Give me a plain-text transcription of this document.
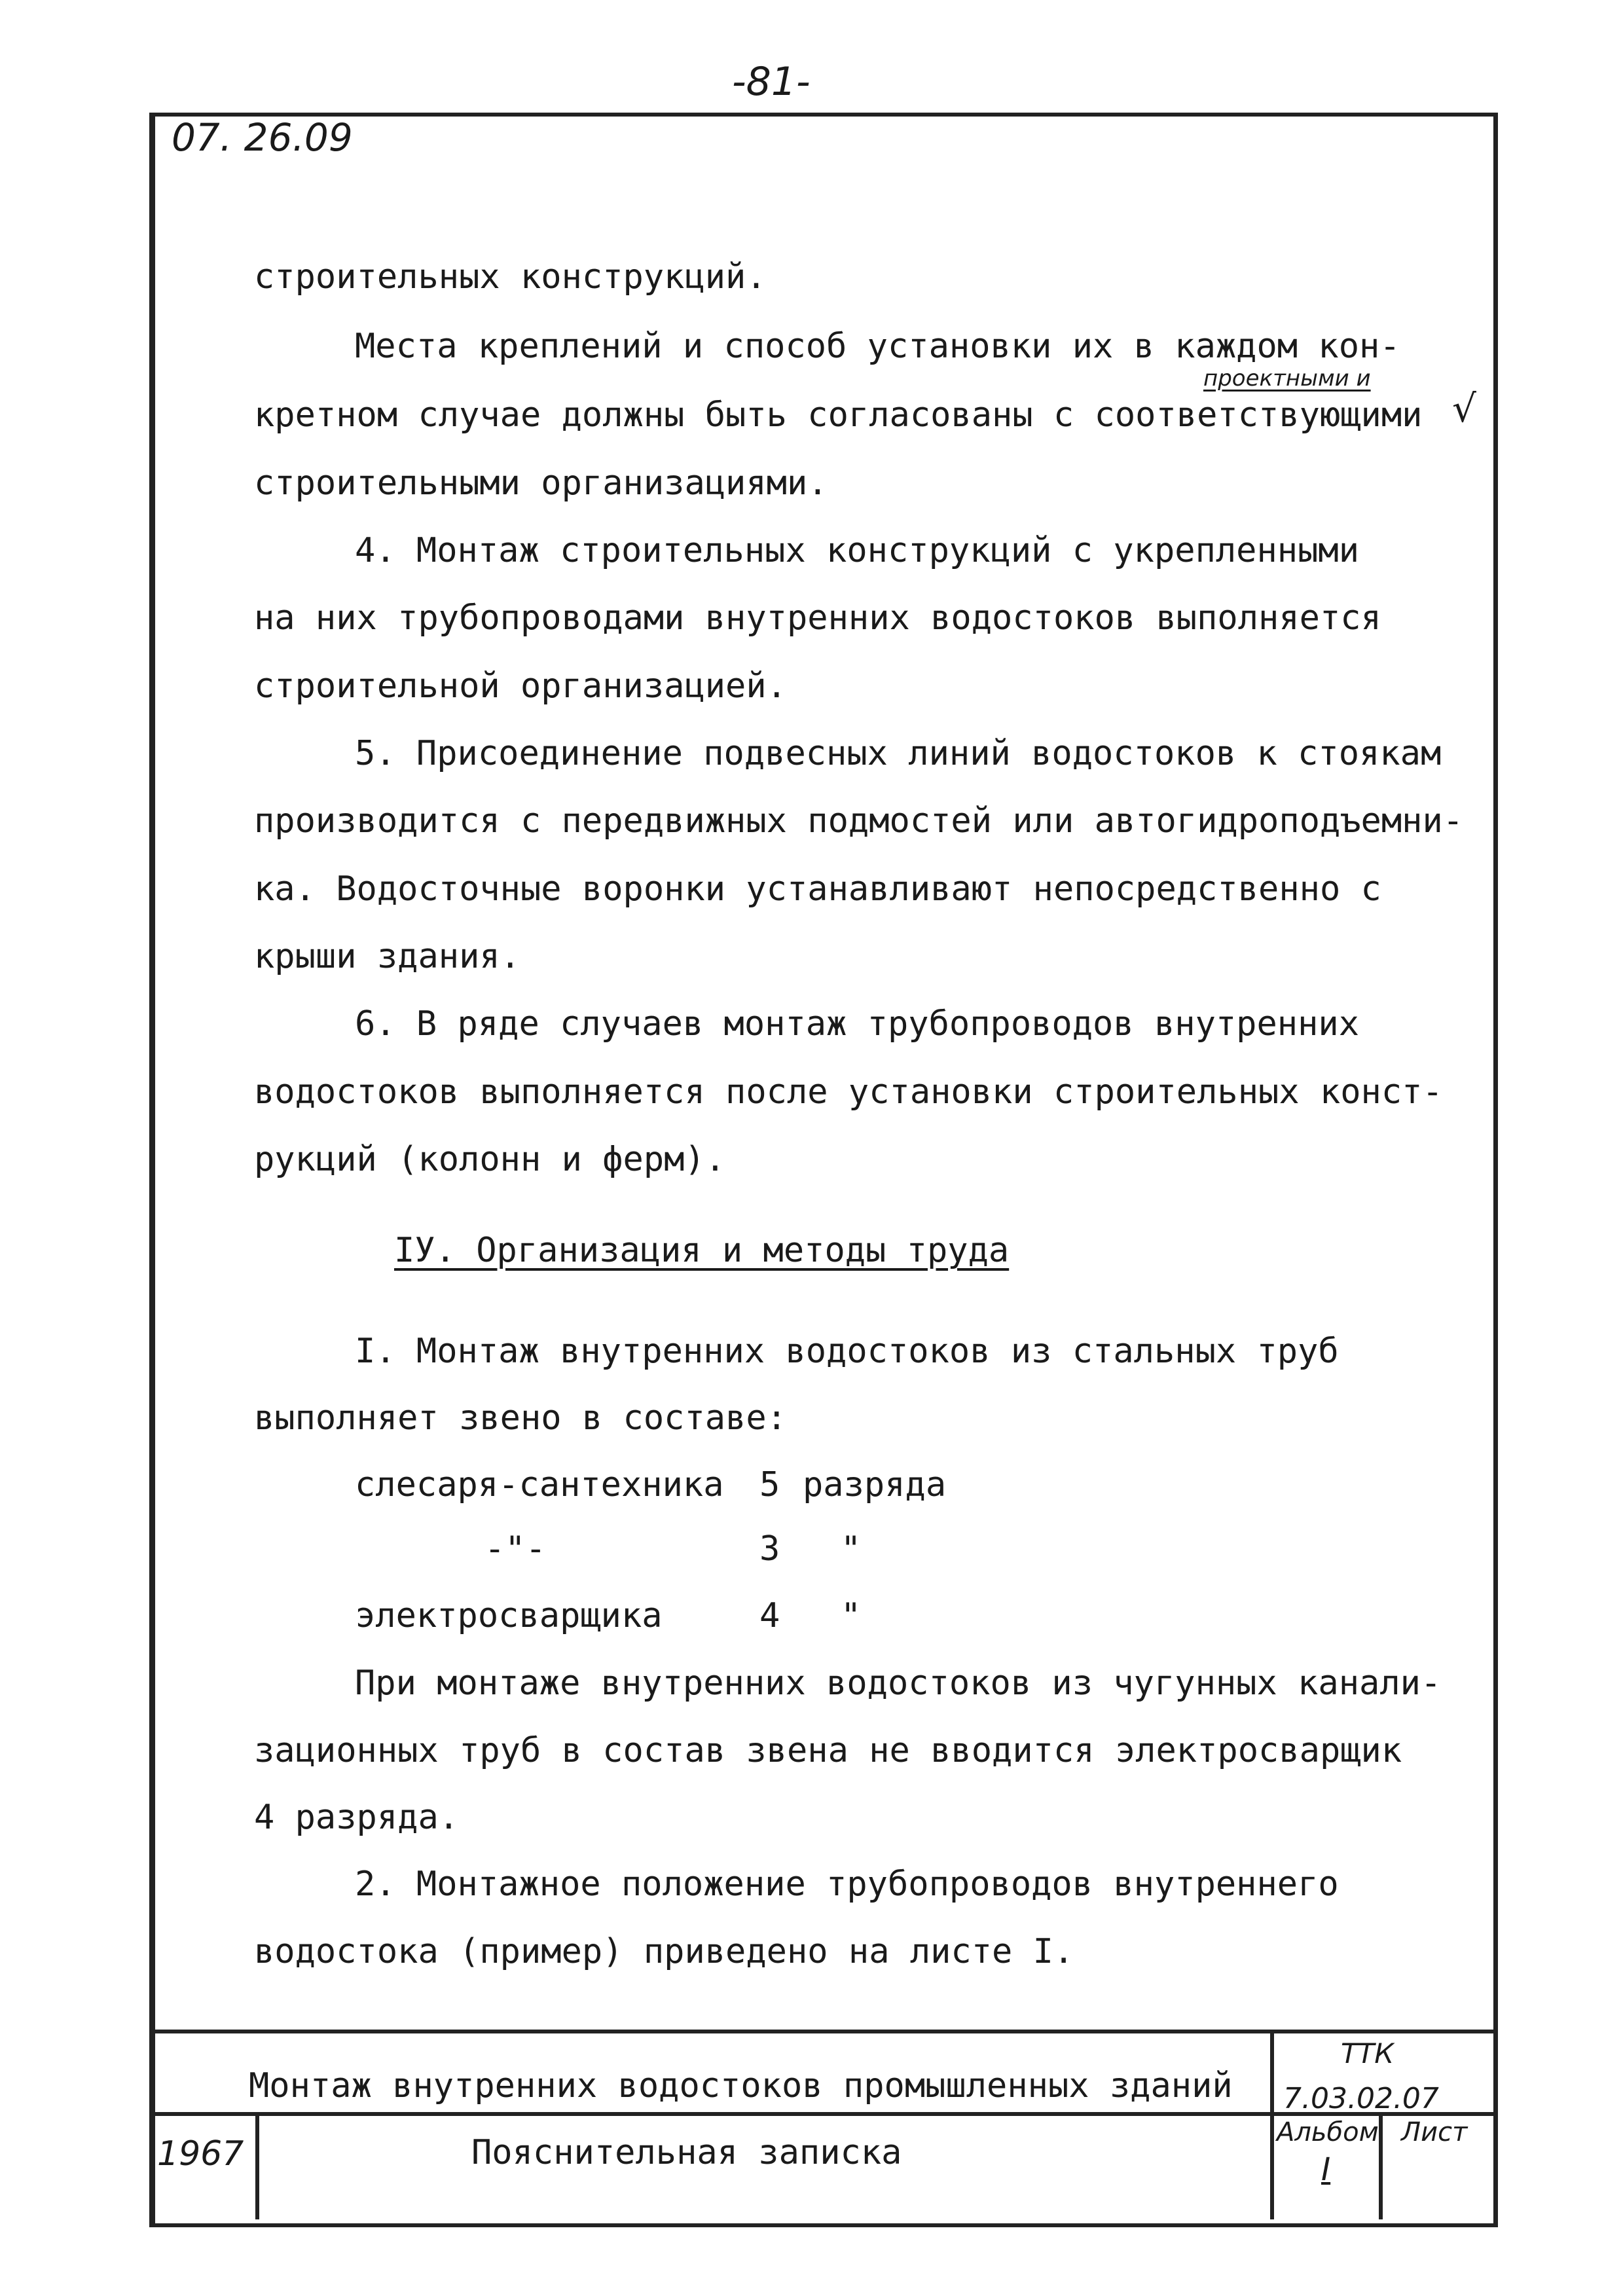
-81-
07. 26.09
строительных конструкций.
Места креплений и способ установки их в каждом кон-
проектными и
√
кретном случае должны быть согласованы с соответствующими
строительными организациями.
4. Монтаж строительных конструкций с укрепленными
на них трубопроводами внутренних водостоков выполняется
строительной организацией.
5. Присоединение подвесных линий водостоков к стоякам
производится с передвижных подмостей или автогидроподъемни-
ка. Водосточные воронки устанавливают непосредственно с
крыши здания.
6. В ряде случаев монтаж трубопроводов внутренних
водостоков выполняется после установки строительных конст-
рукций (колонн и ферм).
IУ. Организация и методы труда
I. Монтаж внутренних водостоков из стальных труб
выполняет звено в составе:
слесаря-сантехника 5 разряда
-"-	3 "
электросварщика	4 "
При монтаже внутренних водостоков из чугунных канали-
зационных труб в состав звена не вводится электросварщик
4 разряда.
2. Монтажное положение трубопроводов внутреннего
водостока (пример) приведено на листе I.
Монтаж внутренних водостоков промышленных зданий
Пояснительная записка
ТТК
7.03.02.07
1967
Альбом
I
Лист
